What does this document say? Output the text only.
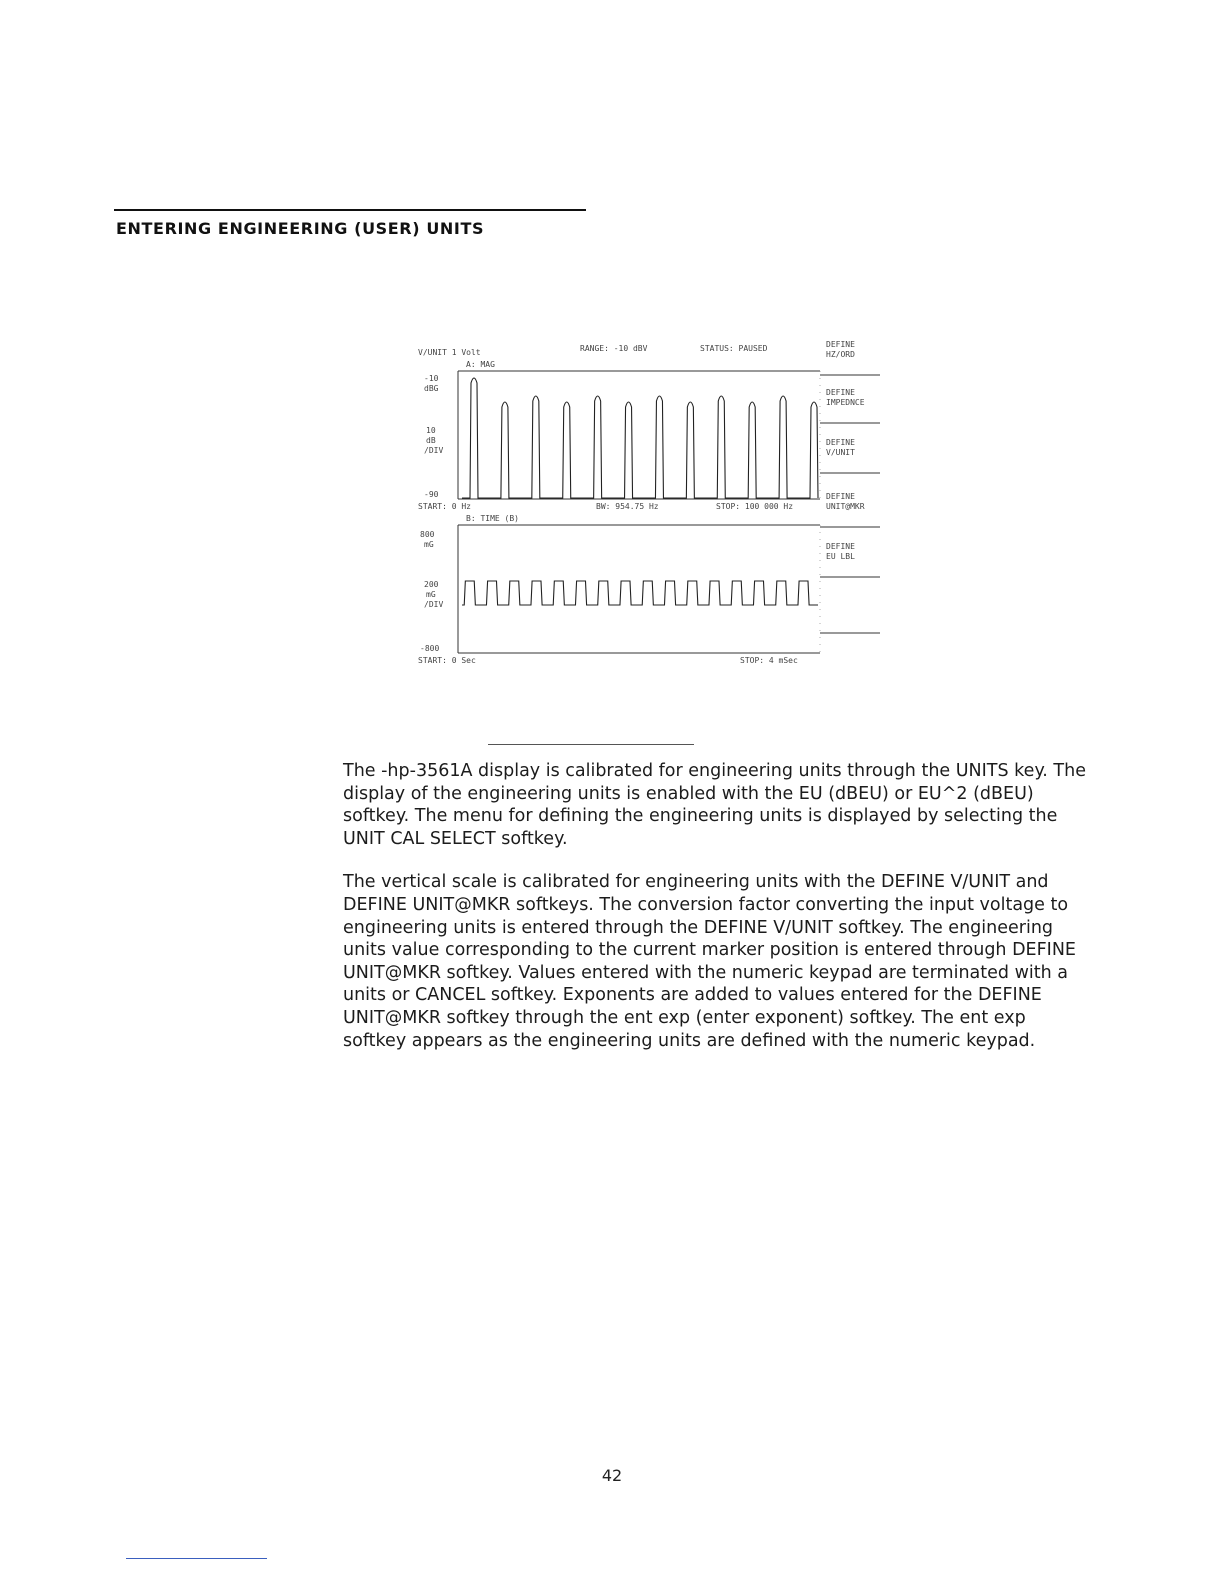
ENTERING ENGINEERING (USER) UNITS
V/UNIT 1 Volt	RANGE: -10 dBV	STATUS: PAUSED
A: MAG
-10
dBG
10
dB
/DIV
-90
START: 0 Hz	BW: 954.75 Hz	STOP: 100 000 Hz
B: TIME (B)
800
mG
200
mG
/DIV
-800
START: 0 Sec	STOP: 4 mSec
DEFINE
HZ/ORD
DEFINE
IMPEDNCE
DEFINE
V/UNIT
DEFINE
UNIT@MKR
DEFINE
EU LBL

The -hp-3561A display is calibrated for engineering units through the UNITS key. The display of the engineering units is enabled with the EU (dBEU) or EU^2 (dBEU) softkey. The menu for defining the engineering units is displayed by selecting the UNIT CAL SELECT softkey.

The vertical scale is calibrated for engineering units with the DEFINE V/UNIT and DEFINE UNIT@MKR softkeys. The conversion factor converting the input voltage to engineering units is entered through the DEFINE V/UNIT softkey. The engineering units value corresponding to the current marker position is entered through DEFINE UNIT@MKR softkey. Values entered with the numeric keypad are terminated with a units or CANCEL softkey. Exponents are added to values entered for the DEFINE UNIT@MKR softkey through the ent exp (enter exponent) softkey. The ent exp softkey appears as the engineering units are defined with the numeric keypad.

42
